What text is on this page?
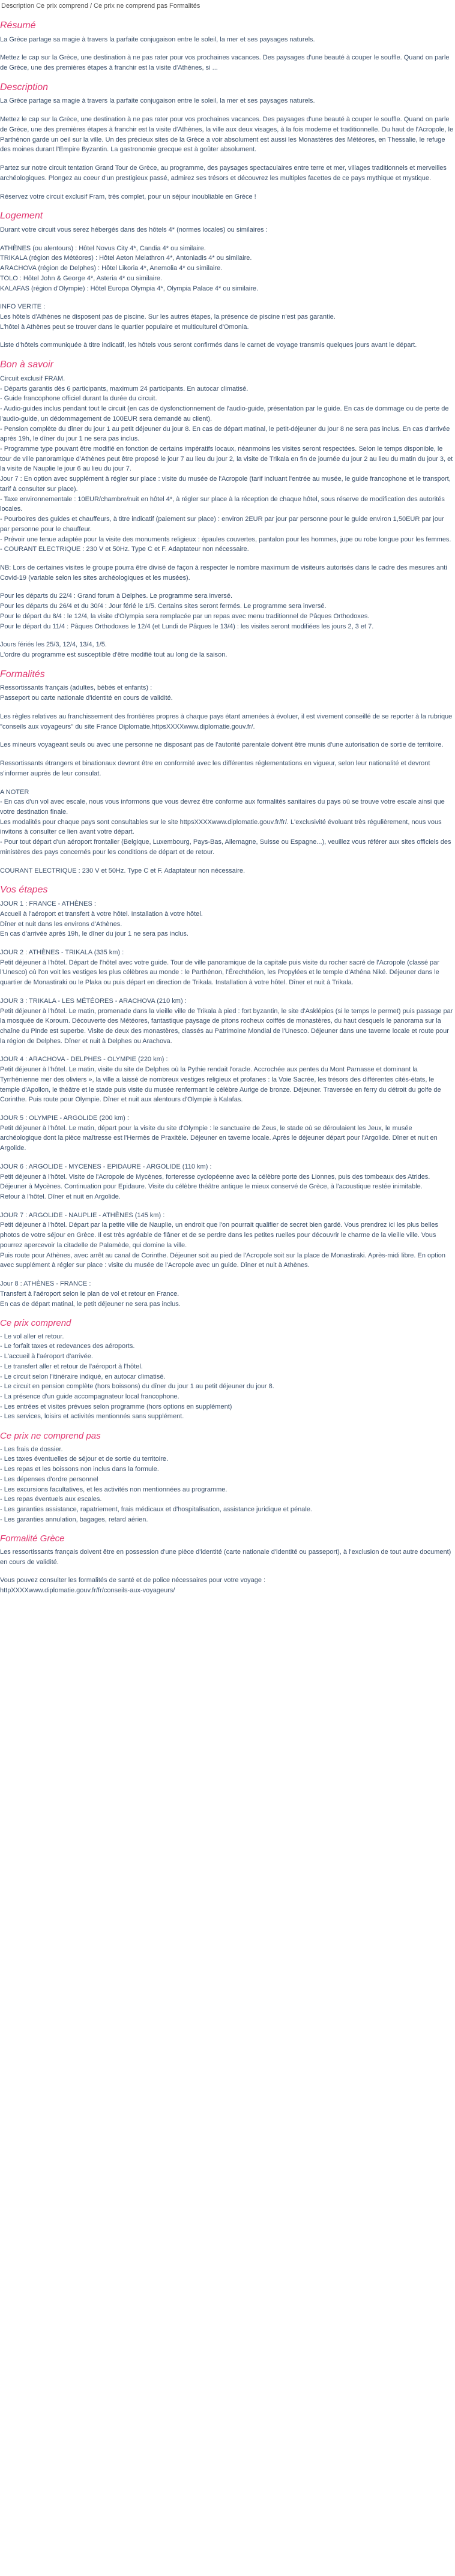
Description Ce prix comprend / Ce prix ne comprend pas Formalités
Résumé

La Grèce partage sa magie à travers la parfaite conjugaison entre le soleil, la mer et ses paysages naturels.

Mettez le cap sur la Grèce, une destination à ne pas rater pour vos prochaines vacances. Des paysages d'une beauté à couper le souffle. Quand on parle de Grèce, une des premières étapes à franchir est la visite d'Athènes, si ...

Description

La Grèce partage sa magie à travers la parfaite conjugaison entre le soleil, la mer et ses paysages naturels.

Mettez le cap sur la Grèce, une destination à ne pas rater pour vos prochaines vacances. Des paysages d'une beauté à couper le souffle. Quand on parle de Grèce, une des premières étapes à franchir est la visite d'Athènes, la ville aux deux visages, à la fois moderne et traditionnelle. Du haut de l'Acropole, le Parthénon garde un oeil sur la ville. Un des précieux sites de la Grèce a voir absolument est aussi les Monastères des Météores, en Thessalie, le refuge des moines durant l'Empire Byzantin. La gastronomie grecque est à goûter absolument.

Partez sur notre circuit tentation Grand Tour de Grèce, au programme, des paysages spectaculaires entre terre et mer, villages traditionnels et merveilles archéologiques. Plongez au coeur d'un prestigieux passé, admirez ses trésors et découvrez les multiples facettes de ce pays mythique et mystique.

Réservez votre circuit exclusif Fram, très complet, pour un séjour inoubliable en Grèce !

Logement

Durant votre circuit vous serez hébergés dans des hôtels 4* (normes locales) ou similaires :

ATHÈNES (ou alentours) : Hôtel Novus City 4*, Candia 4* ou similaire.
TRIKALA (région des Météores) : Hôtel Aeton Melathron 4*, Antoniadis 4* ou similaire.
ARACHOVA (région de Delphes) : Hôtel Likoria 4*, Anemolia 4* ou similaire.
TOLO : Hôtel John & George 4*, Asteria 4* ou similaire.
KALAFAS (région d'Olympie) : Hôtel Europa Olympia 4*, Olympia Palace 4* ou similaire.
INFO VERITE :
Les hôtels d'Athènes ne disposent pas de piscine. Sur les autres étapes, la présence de piscine n'est pas garantie.
L'hôtel à Athènes peut se trouver dans le quartier populaire et multiculturel d'Omonia.

Liste d'hôtels communiquée à titre indicatif, les hôtels vous seront confirmés dans le carnet de voyage transmis quelques jours avant le départ.

Bon à savoir
Circuit exclusif FRAM.
- Départs garantis dès 6 participants, maximum 24 participants. En autocar climatisé.
- Guide francophone officiel durant la durée du circuit.
- Audio-guides inclus pendant tout le circuit (en cas de dysfonctionnement de l'audio-guide, présentation par le guide. En cas de dommage ou de perte de l'audio-guide, un dédommagement de 100EUR sera demandé au client).
- Pension complète du dîner du jour 1 au petit déjeuner du jour 8. En cas de départ matinal, le petit-déjeuner du jour 8 ne sera pas inclus. En cas d'arrivée après 19h, le dîner du jour 1 ne sera pas inclus.
- Programme type pouvant être modifié en fonction de certains impératifs locaux, néanmoins les visites seront respectées. Selon le temps disponible, le tour de ville panoramique d'Athènes peut être proposé le jour 7 au lieu du jour 2, la visite de Trikala en fin de journée du jour 2 au lieu du matin du jour 3, et la visite de Nauplie le jour 6 au lieu du jour 7.
Jour 7 : En option avec supplément à régler sur place : visite du musée de l'Acropole (tarif incluant l'entrée au musée, le guide francophone et le transport, tarif à consulter sur place).
- Taxe environnementale : 10EUR/chambre/nuit en hôtel 4*, à régler sur place à la réception de chaque hôtel, sous réserve de modification des autorités locales.
- Pourboires des guides et chauffeurs, à titre indicatif (paiement sur place) : environ 2EUR par jour par personne pour le guide environ 1,50EUR par jour par personne pour le chauffeur.
- Prévoir une tenue adaptée pour la visite des monuments religieux : épaules couvertes, pantalon pour les hommes, jupe ou robe longue pour les femmes.
- COURANT ELECTRIQUE : 230 V et 50Hz. Type C et F. Adaptateur non nécessaire.

NB: Lors de certaines visites le groupe pourra être divisé de façon à respecter le nombre maximum de visiteurs autorisés dans le cadre des mesures anti Covid-19 (variable selon les sites archéologiques et les musées).

Pour les départs du 22/4 : Grand forum à Delphes. Le programme sera inversé.
Pour les départs du 26/4 et du 30/4 : Jour férié le 1/5. Certains sites seront fermés. Le programme sera inversé.
Pour le départ du 8/4 : le 12/4, la visite d'Olympia sera remplacée par un repas avec menu traditionnel de Pâques Orthodoxes.
Pour le départ du 11/4 : Pâques Orthodoxes le 12/4 (et Lundi de Pâques le 13/4) : les visites seront modifiées les jours 2, 3 et 7.
Jours fériés les 25/3, 12/4, 13/4, 1/5.
L'ordre du programme est susceptible d'être modifié tout au long de la saison.
Formalités
Ressortissants français (adultes, bébés et enfants) :
Passeport ou carte nationale d'identité en cours de validité.

Les règles relatives au franchissement des frontières propres à chaque pays étant amenées à évoluer, il est vivement conseillé de se reporter à la rubrique "conseils aux voyageurs" du site France Diplomatie,httpsXXXXwww.diplomatie.gouv.fr/.

Les mineurs voyageant seuls ou avec une personne ne disposant pas de l'autorité parentale doivent être munis d'une autorisation de sortie de territoire.

Ressortissants étrangers et binationaux devront être en conformité avec les différentes réglementations en vigueur, selon leur nationalité et devront s'informer auprès de leur consulat.

A NOTER
- En cas d'un vol avec escale, nous vous informons que vous devrez être conforme aux formalités sanitaires du pays où se trouve votre escale ainsi que votre destination finale.
Les modalités pour chaque pays sont consultables sur le site httpsXXXXwww.diplomatie.gouv.fr/fr/. L'exclusivité évoluant très régulièrement, nous vous invitons à consulter ce lien avant votre départ.
- Pour tout départ d'un aéroport frontalier (Belgique, Luxembourg, Pays-Bas, Allemagne, Suisse ou Espagne...), veuillez vous référer aux sites officiels des ministères des pays concernés pour les conditions de départ et de retour.

COURANT ELECTRIQUE : 230 V et 50Hz. Type C et F. Adaptateur non nécessaire.

Vos étapes
JOUR 1 : FRANCE - ATHÈNES :
Accueil à l'aéroport et transfert à votre hôtel. Installation à votre hôtel.
Dîner et nuit dans les environs d'Athènes.
En cas d'arrivée après 19h, le dîner du jour 1 ne sera pas inclus.
JOUR 2 : ATHÈNES - TRIKALA (335 km) :
Petit déjeuner à l'hôtel. Départ de l'hôtel avec votre guide. Tour de ville panoramique de la capitale puis visite du rocher sacré de l'Acropole (classé par l'Unesco) où l'on voit les vestiges les plus célèbres au monde : le Parthénon, l'Érechthéion, les Propylées et le temple d'Athéna Niké. Déjeuner dans le quartier de Monastiraki ou le Plaka ou puis départ en direction de Trikala. Installation à votre hôtel. Dîner et nuit à Trikala.
JOUR 3 : TRIKALA - LES MÉTÉORES - ARACHOVA (210 km) :
Petit déjeuner à l'hôtel. Le matin, promenade dans la vieille ville de Trikala à pied : fort byzantin, le site d'Asklépios (si le temps le permet) puis passage par la mosquée de Koroum. Découverte des Météores, fantastique paysage de pitons rocheux coiffés de monastères, du haut desquels le panorama sur la chaîne du Pinde est superbe. Visite de deux des monastères, classés au Patrimoine Mondial de l'Unesco. Déjeuner dans une taverne locale et route pour la région de Delphes. Dîner et nuit à Delphes ou Arachova.
JOUR 4 : ARACHOVA - DELPHES - OLYMPIE (220 km) :
Petit déjeuner à l'hôtel. Le matin, visite du site de Delphes où la Pythie rendait l'oracle. Accrochée aux pentes du Mont Parnasse et dominant la Tyrrhénienne mer des oliviers », la ville a laissé de nombreux vestiges religieux et profanes : la Voie Sacrée, les trésors des différentes cités-états, le temple d'Apollon, le théâtre et le stade puis visite du musée renfermant le célèbre Aurige de bronze. Déjeuner. Traversée en ferry du détroit du golfe de Corinthe. Puis route pour Olympie. Dîner et nuit aux alentours d'Olympie à Kalafas.
JOUR 5 : OLYMPIE - ARGOLIDE (200 km) :
Petit déjeuner à l'hôtel. Le matin, départ pour la visite du site d'Olympie : le sanctuaire de Zeus, le stade où se déroulaient les Jeux, le musée archéologique dont la pièce maîtresse est l'Hermès de Praxitèle. Déjeuner en taverne locale. Après le déjeuner départ pour l'Argolide. Dîner et nuit en Argolide.
JOUR 6 : ARGOLIDE - MYCENES - EPIDAURE - ARGOLIDE (110 km) :
Petit déjeuner à l'hôtel. Visite de l'Acropole de Mycènes, forteresse cyclopéenne avec la célèbre porte des Lionnes, puis des tombeaux des Atrides. Déjeuner à Mycènes. Continuation pour Epidaure. Visite du célèbre théâtre antique le mieux conservé de Grèce, à l'acoustique restée inimitable.
Retour à l'hôtel. Dîner et nuit en Argolide.
JOUR 7 : ARGOLIDE - NAUPLIE - ATHÈNES (145 km) :
Petit déjeuner à l'hôtel. Départ par la petite ville de Nauplie, un endroit que l'on pourrait qualifier de secret bien gardé. Vous prendrez ici les plus belles photos de votre séjour en Grèce. Il est très agréable de flâner et de se perdre dans les petites ruelles pour découvrir le charme de la vieille ville. Vous pourrez apercevoir la citadelle de Palamède, qui domine la ville.
Puis route pour Athènes, avec arrêt au canal de Corinthe. Déjeuner soit au pied de l'Acropole soit sur la place de Monastiraki. Après-midi libre. En option avec supplément à régler sur place : visite du musée de l'Acropole avec un guide. Dîner et nuit à Athènes.
Jour 8 : ATHÈNES - FRANCE :
Transfert à l'aéroport selon le plan de vol et retour en France.
En cas de départ matinal, le petit déjeuner ne sera pas inclus.
Ce prix comprend
- Le vol aller et retour.
- Le forfait taxes et redevances des aéroports.
- L'accueil à l'aéroport d'arrivée.
- Le transfert aller et retour de l'aéroport à l'hôtel.
- Le circuit selon l'itinéraire indiqué, en autocar climatisé.
- Le circuit en pension complète (hors boissons) du dîner du jour 1 au petit déjeuner du jour 8.
- La présence d'un guide accompagnateur local francophone.
- Les entrées et visites prévues selon programme (hors options en supplément)
- Les services, loisirs et activités mentionnés sans supplément.
Ce prix ne comprend pas
- Les frais de dossier.
- Les taxes éventuelles de séjour et de sortie du territoire.
- Les repas et les boissons non inclus dans la formule.
- Les dépenses d'ordre personnel
- Les excursions facultatives, et les activités non mentionnées au programme.
- Les repas éventuels aux escales.
- Les garanties assistance, rapatriement, frais médicaux et d'hospitalisation, assistance juridique et pénale.
- Les garanties annulation, bagages, retard aérien.
Formalité Grèce

Les ressortissants français doivent être en possession d'une pièce d'identité (carte nationale d'identité ou passeport), à l'exclusion de tout autre document) en cours de validité.

Vous pouvez consulter les formalités de santé et de police nécessaires pour votre voyage :
httpXXXXwww.diplomatie.gouv.fr/fr/conseils-aux-voyageurs/
